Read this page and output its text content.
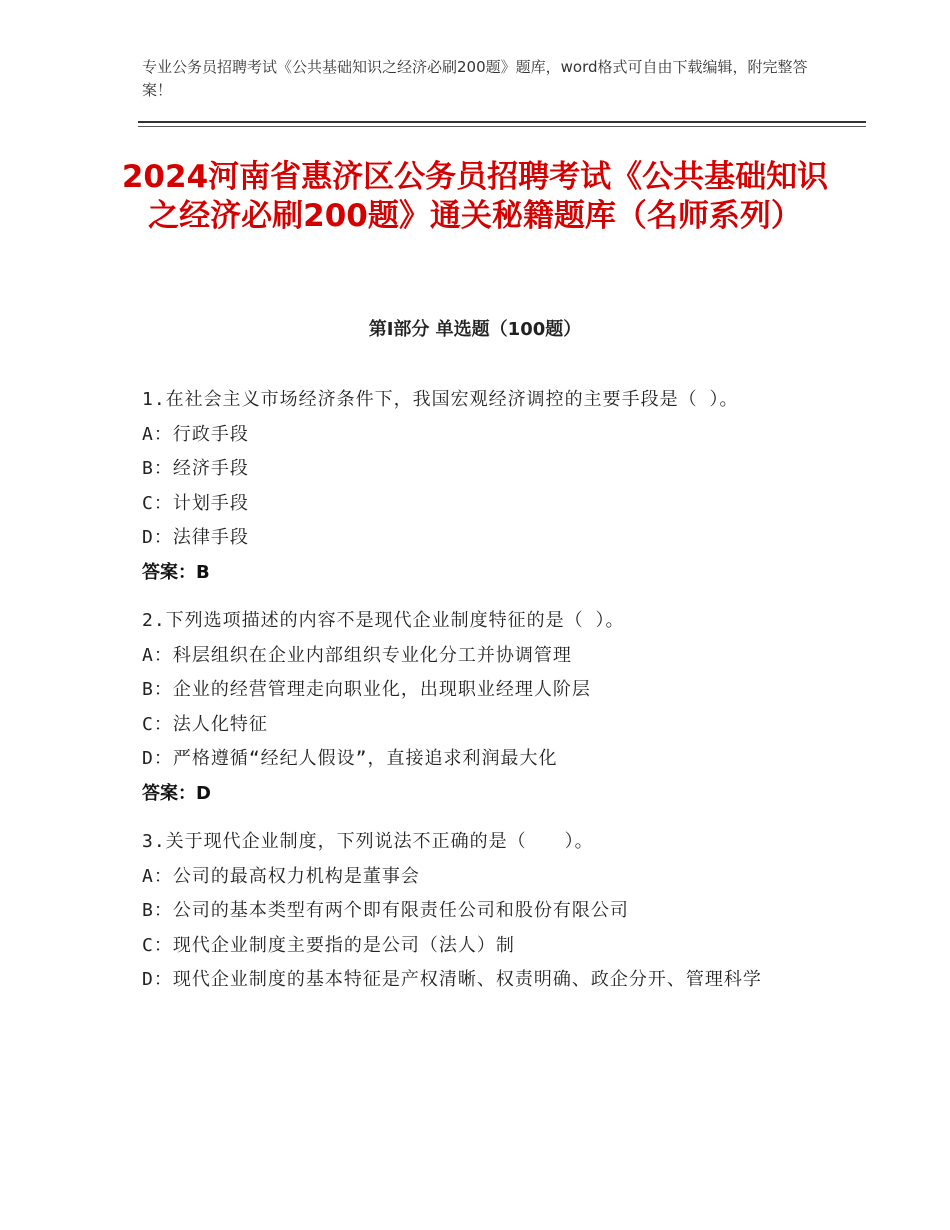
专业公务员招聘考试《公共基础知识之经济必刷200题》题库，word格式可自由下载编辑，附完整答案！
2024河南省惠济区公务员招聘考试《公共基础知识之经济必刷200题》通关秘籍题库（名师系列）
第Ⅰ部分 单选题（100题）
1.在社会主义市场经济条件下，我国宏观经济调控的主要手段是（ ）。
A：行政手段
B：经济手段
C：计划手段
D：法律手段
答案：B
2.下列选项描述的内容不是现代企业制度特征的是（ ）。
A：科层组织在企业内部组织专业化分工并协调管理
B：企业的经营管理走向职业化，出现职业经理人阶层
C：法人化特征
D：严格遵循“经纪人假设”，直接追求利润最大化
答案：D
3.关于现代企业制度，下列说法不正确的是（　　）。
A：公司的最高权力机构是董事会
B：公司的基本类型有两个即有限责任公司和股份有限公司
C：现代企业制度主要指的是公司（法人）制
D：现代企业制度的基本特征是产权清晰、权责明确、政企分开、管理科学
